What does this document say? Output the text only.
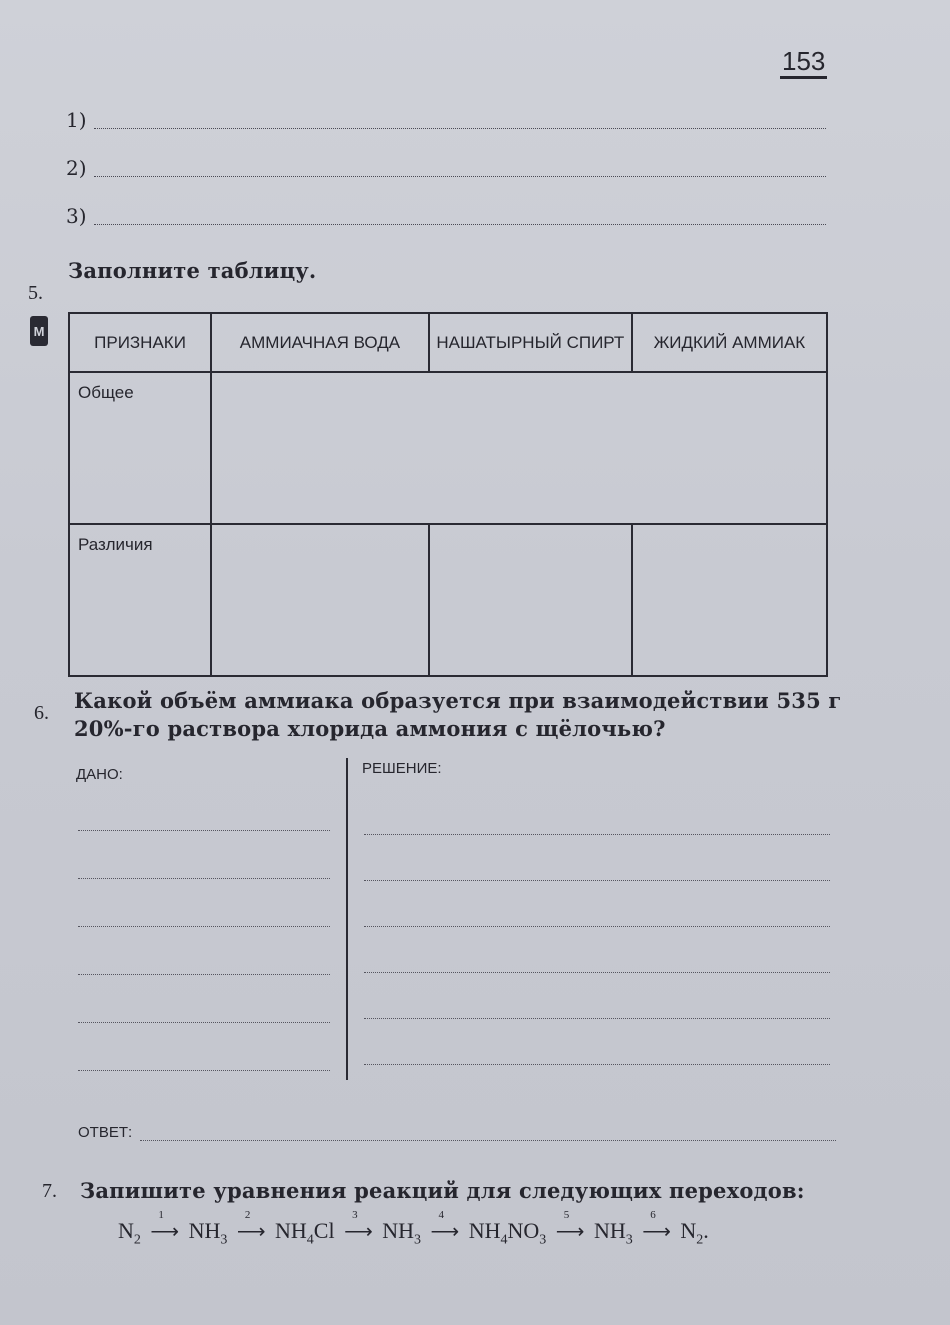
153
1)
2)
3)
5.
Заполните таблицу.
M
ПРИЗНАКИ	АММИАЧНАЯ ВОДА	НАШАТЫРНЫЙ СПИРТ	ЖИДКИЙ АММИАК
Общее			
Различия			
6. Какой объём аммиака образуется при взаимодействии 535 г
20%-го раствора хлорида аммония с щёлочью?
ДАНО:	РЕШЕНИЕ:
ОТВЕТ:
7. Запишите уравнения реакций для следующих переходов:
$N_2$
1
⟶ $NH_3$
2
⟶ $NH_4Cl$
3
⟶ $NH_3$
4
⟶ $NH_4NO_3$
5
⟶ $NH_3$
6
⟶ $N_2$.
